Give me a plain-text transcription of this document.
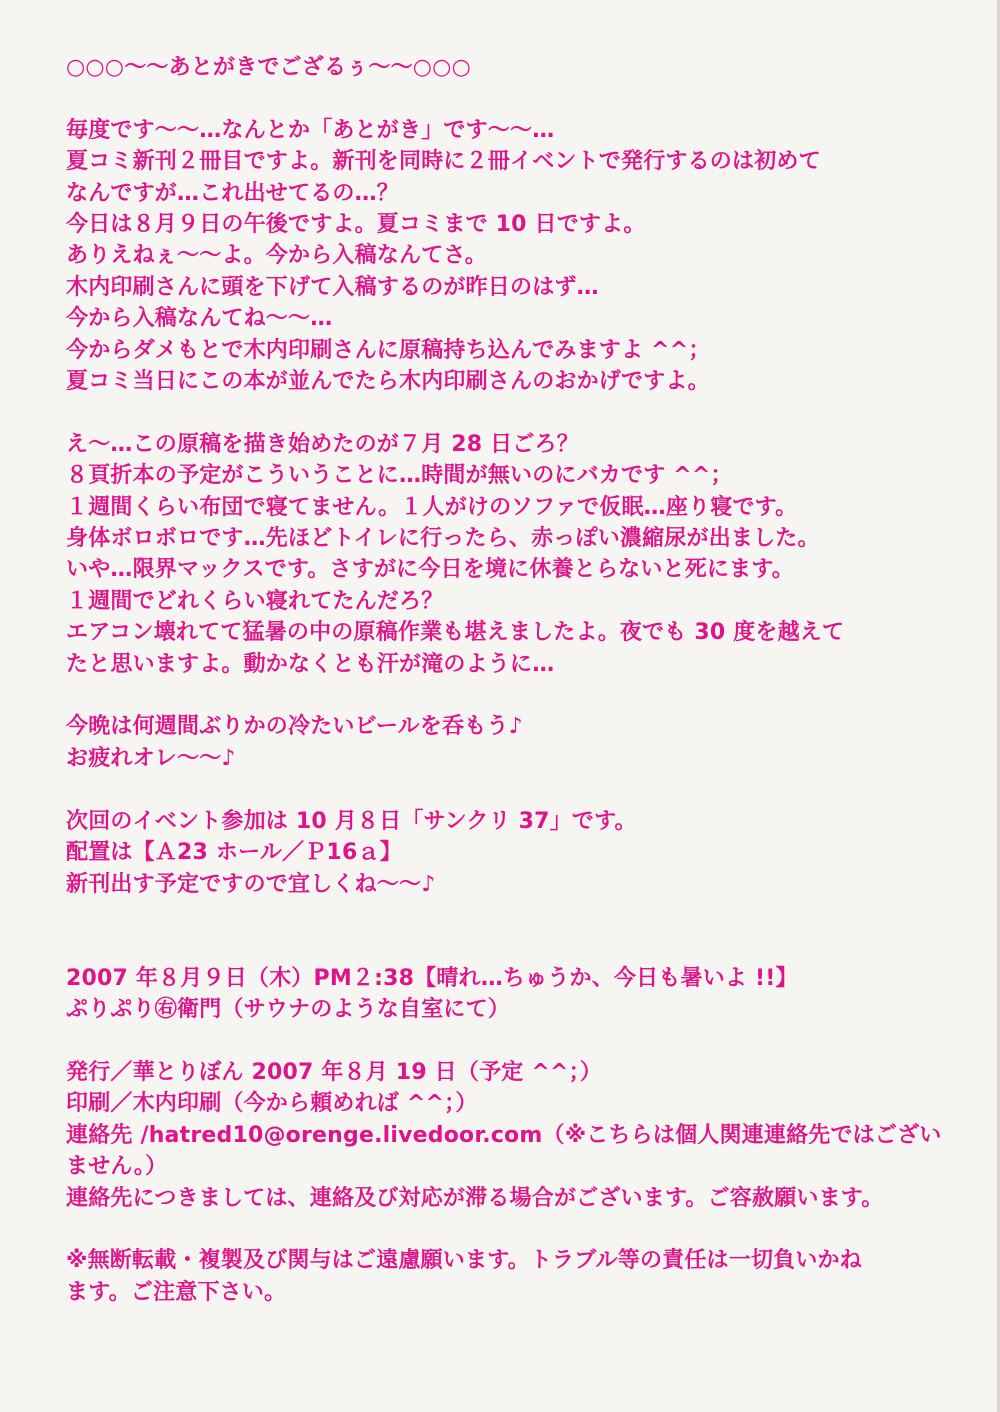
○○○～～あとがきでござるぅ～～○○○
毎度です～～…なんとか「あとがき」です～～…
夏コミ新刊２冊目ですよ。新刊を同時に２冊イベントで発行するのは初めて
なんですが…これ出せてるの…？
今日は８月９日の午後ですよ。夏コミまで 10 日ですよ。
ありえねぇ～～よ。今から入稿なんてさ。
木内印刷さんに頭を下げて入稿するのが昨日のはず…
今から入稿なんてね～～…
今からダメもとで木内印刷さんに原稿持ち込んでみますよ ^^；
夏コミ当日にこの本が並んでたら木内印刷さんのおかげですよ。
え～…この原稿を描き始めたのが７月 28 日ごろ？
８頁折本の予定がこういうことに…時間が無いのにバカです ^^；
１週間くらい布団で寝てません。１人がけのソファで仮眠…座り寝です。
身体ボロボロです…先ほどトイレに行ったら、赤っぽい濃縮尿が出ました。
いや…限界マックスです。さすがに今日を境に休養とらないと死にます。
１週間でどれくらい寝れてたんだろ？
エアコン壊れてて猛暑の中の原稿作業も堪えましたよ。夜でも 30 度を越えて
たと思いますよ。動かなくとも汗が滝のように…
今晩は何週間ぶりかの冷たいビールを呑もう♪
お疲れオレ～～♪
次回のイベント参加は 10 月８日「サンクリ 37」です。
配置は【Ａ23 ホール／Ｐ16ａ】
新刊出す予定ですので宜しくね～～♪
2007 年８月９日（木）PM２:38【晴れ…ちゅうか、今日も暑いよ !!】
ぷりぷり㊨衛門（サウナのような自室にて）
発行／華とりぼん 2007 年８月 19 日（予定 ^^；）
印刷／木内印刷（今から頼めれば ^^；）
連絡先 /hatred10@orenge.livedoor.com（※こちらは個人関連連絡先ではござい
ません。）
連絡先につきましては、連絡及び対応が滞る場合がございます。ご容赦願います。
※無断転載・複製及び関与はご遠慮願います。トラブル等の責任は一切負いかね
ます。ご注意下さい。
